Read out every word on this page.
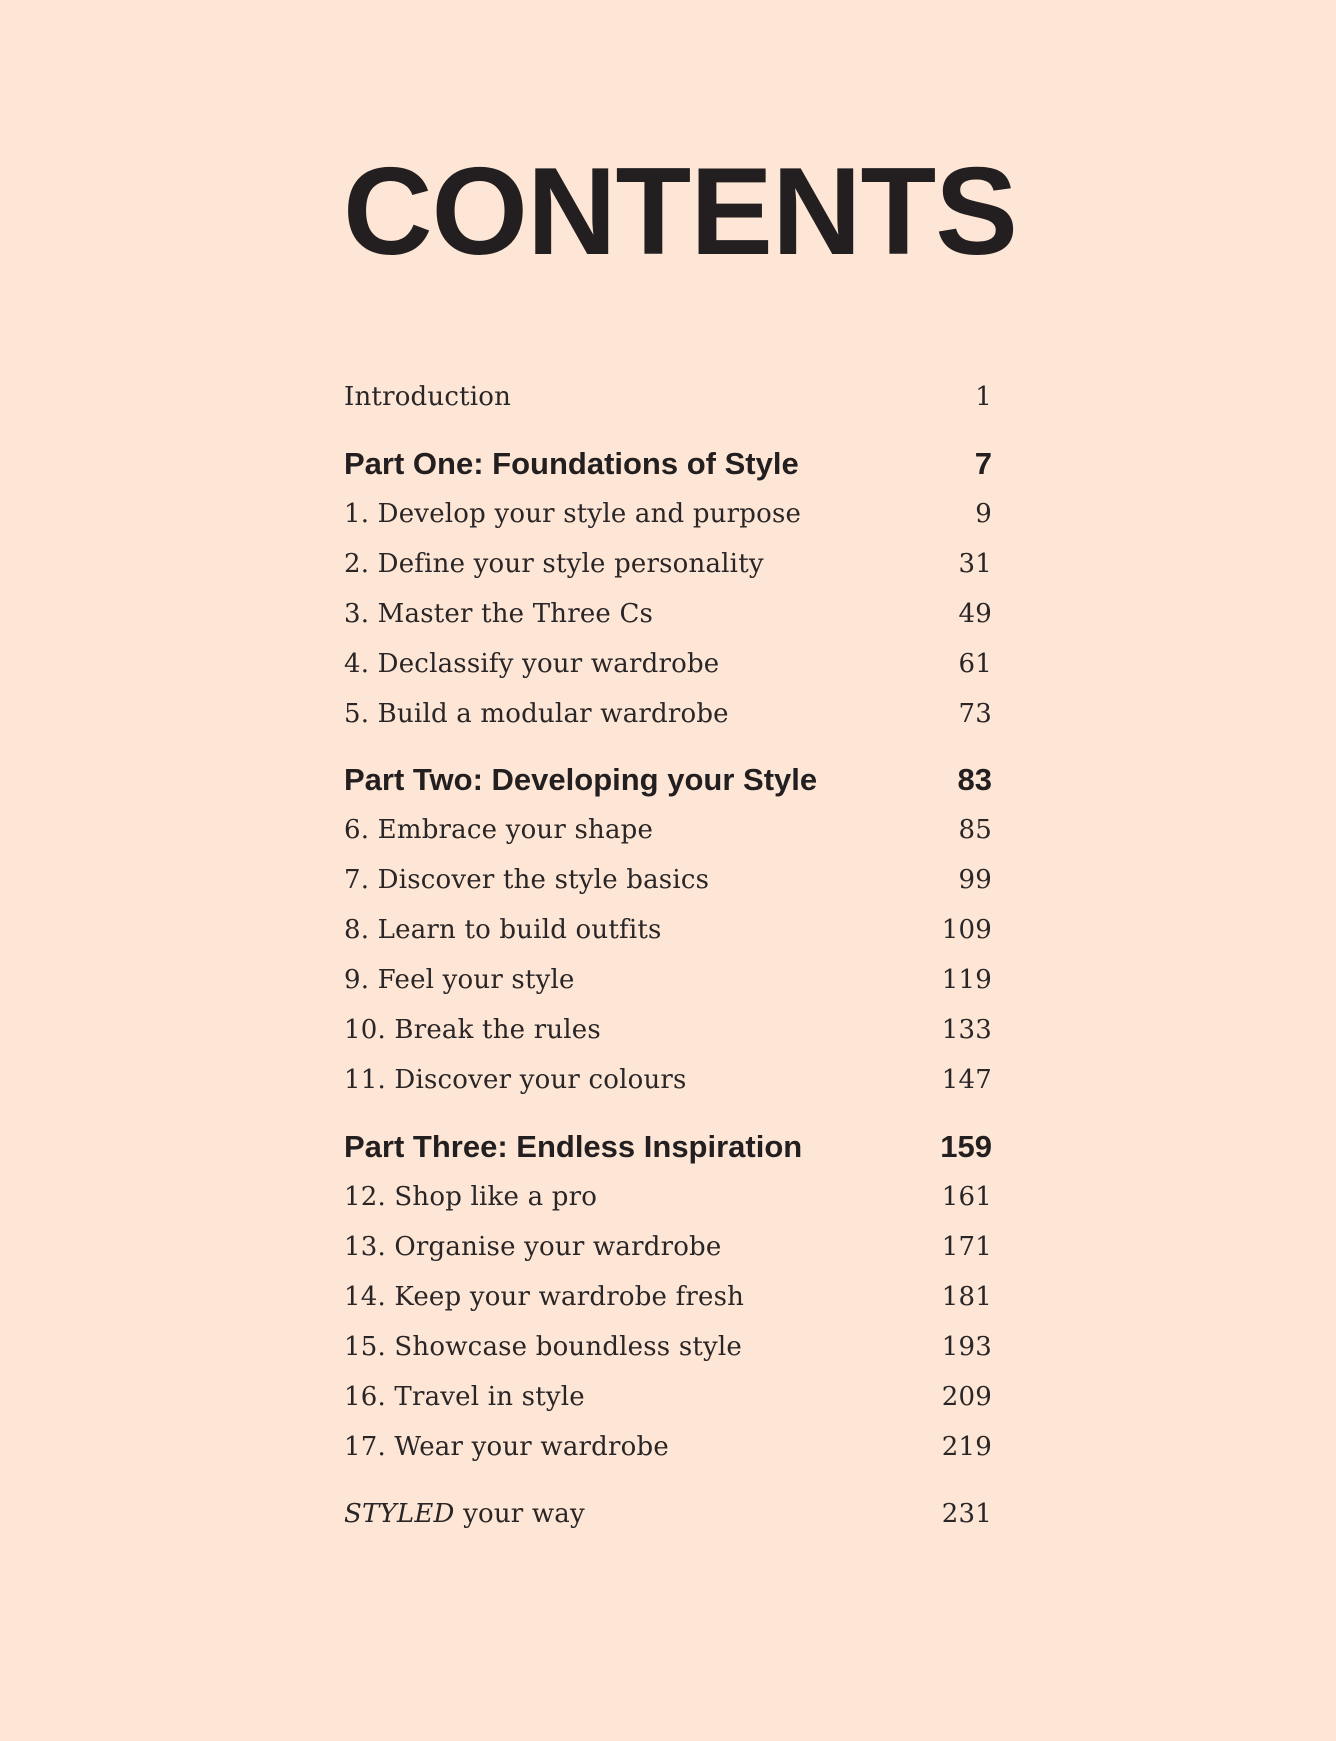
CONTENTS
Introduction	1
Part One: Foundations of Style	7
1. Develop your style and purpose	9
2. Define your style personality	31
3. Master the Three Cs	49
4. Declassify your wardrobe	61
5. Build a modular wardrobe	73
Part Two: Developing your Style	83
6. Embrace your shape	85
7. Discover the style basics	99
8. Learn to build outfits	109
9. Feel your style	119
10. Break the rules	133
11. Discover your colours	147
Part Three: Endless Inspiration	159
12. Shop like a pro	161
13. Organise your wardrobe	171
14. Keep your wardrobe fresh	181
15. Showcase boundless style	193
16. Travel in style	209
17. Wear your wardrobe	219
STYLED your way	231
